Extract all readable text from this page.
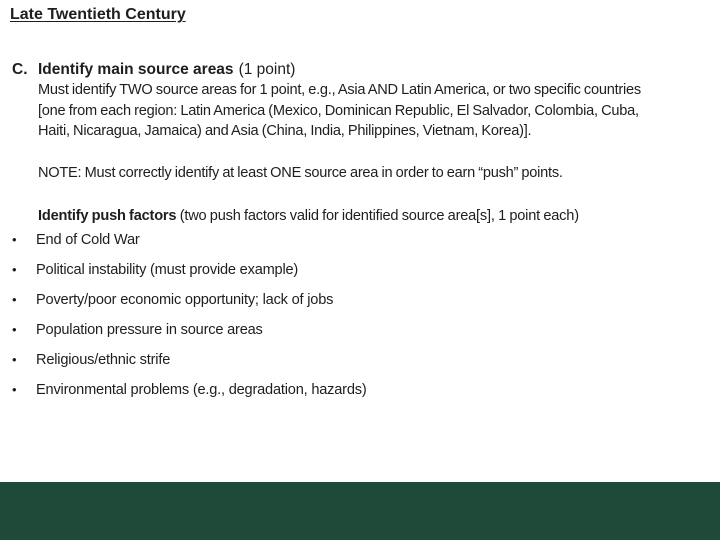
Late Twentieth Century
C. Identify main source areas (1 point)

Must identify TWO source areas for 1 point, e.g., Asia AND Latin America, or two specific countries

[one from each region: Latin America (Mexico, Dominican Republic, El Salvador, Colombia, Cuba,

Haiti, Nicaragua, Jamaica) and Asia (China, India, Philippines, Vietnam, Korea)].

NOTE: Must correctly identify at least ONE source area in order to earn “push” points.
Identify push factors (two push factors valid for identified source area[s], 1 point each)
•	End of Cold War
•	Political instability (must provide example)
•	Poverty/poor economic opportunity; lack of jobs
•	Population pressure in source areas
•	Religious/ethnic strife
•	Environmental problems (e.g., degradation, hazards)
